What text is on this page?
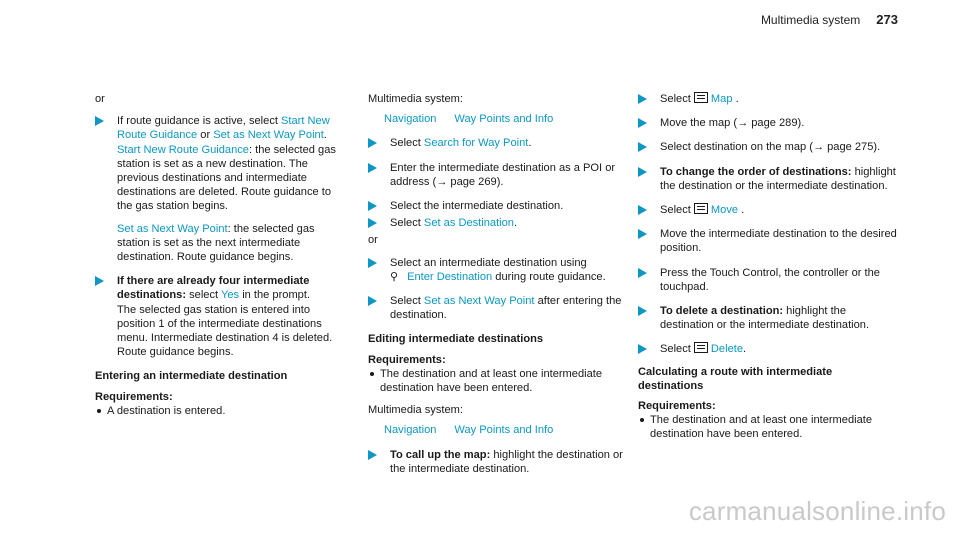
Multimedia system 273

or

If route guidance is active, select Start New Route Guidance or Set as Next Way Point.

Start New Route Guidance: the selected gas station is set as a new destination. The previous destinations and intermediate destinations are deleted. Route guidance to the gas station begins.

Set as Next Way Point: the selected gas station is set as the next intermediate destination. Route guidance begins.

If there are already four intermediate destinations: select Yes in the prompt.

The selected gas station is entered into position 1 of the intermediate destinations menu. Intermediate destination 4 is deleted. Route guidance begins.

Entering an intermediate destination

Requirements:

A destination is entered.

Multimedia system:

Navigation Way Points and Info

Select Search for Way Point.

Enter the intermediate destination as a POI or address (→ page 269).

Select the intermediate destination.

Select Set as Destination.

or

Select an intermediate destination using

⚲ Enter Destination during route guidance.

Select Set as Next Way Point after entering the destination.

Editing intermediate destinations

Requirements:

The destination and at least one intermediate destination have been entered.

Multimedia system:

Navigation Way Points and Info

To call up the map: highlight the destination or the intermediate destination.

Select Map .

Move the map (→ page 289).

Select destination on the map (→ page 275).

To change the order of destinations: highlight the destination or the intermediate destination.

Select Move .

Move the intermediate destination to the desired position.

Press the Touch Control, the controller or the touchpad.

To delete a destination: highlight the destination or the intermediate destination.

Select Delete.

Calculating a route with intermediate destinations

Requirements:

The destination and at least one intermediate destination have been entered.
carmanualsonline.info
